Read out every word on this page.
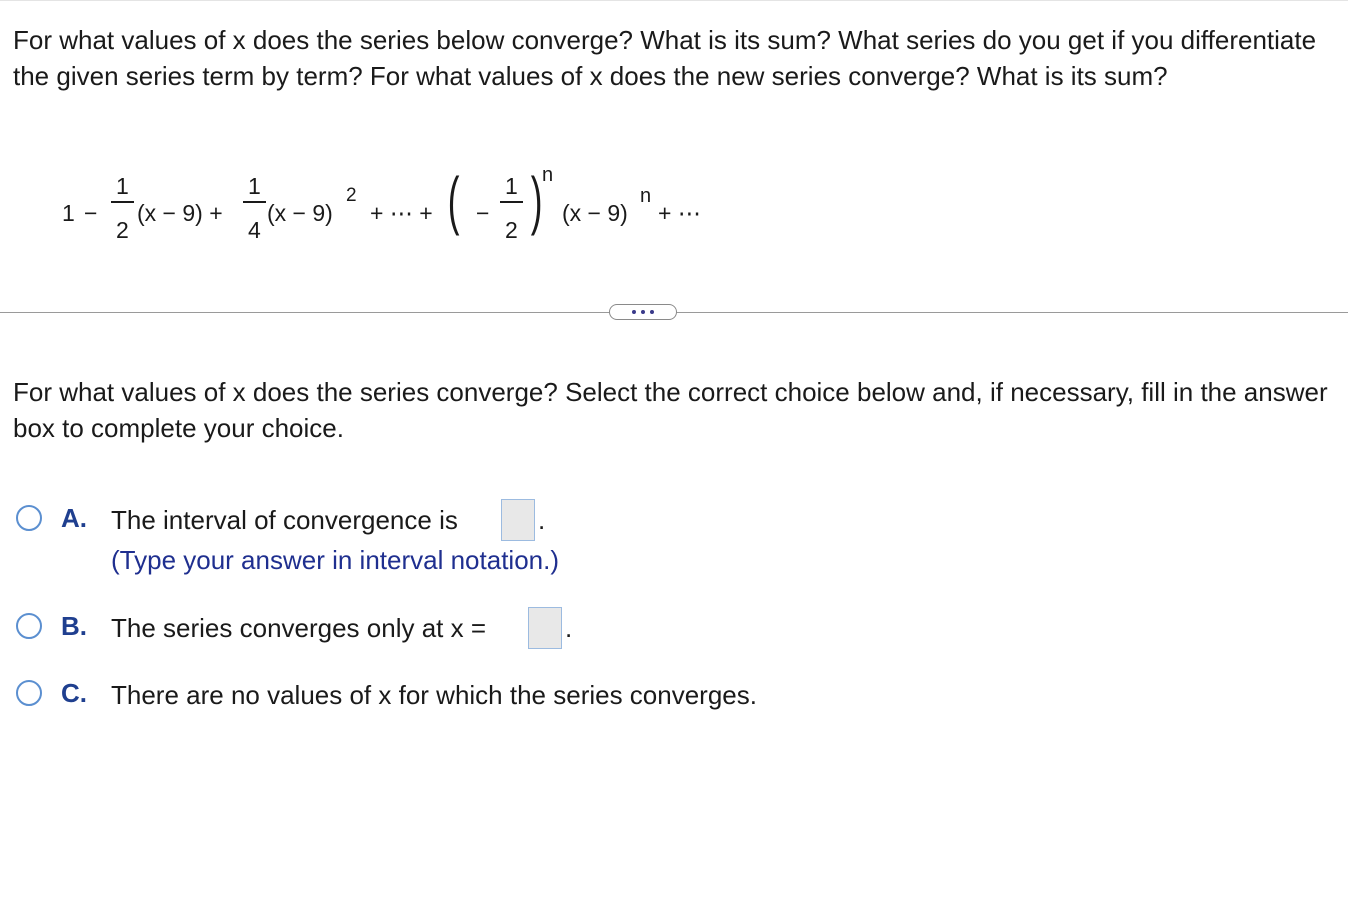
For what values of x does the series below converge? What is its sum? What series do you get if you differentiate the given series term by term? For what values of x does the new series converge? What is its sum?
1 −
1
2
(x − 9) +
1
4
(x − 9)
2
+ ⋯ + ( −
1
2 ) n
(x − 9)
n
+ ⋯
For what values of x does the series converge? Select the correct choice below and, if necessary, fill in the answer box to complete your choice.
A. The interval of convergence is	.
(Type your answer in interval notation.)
B. The series converges only at x =	.
C. There are no values of x for which the series converges.
